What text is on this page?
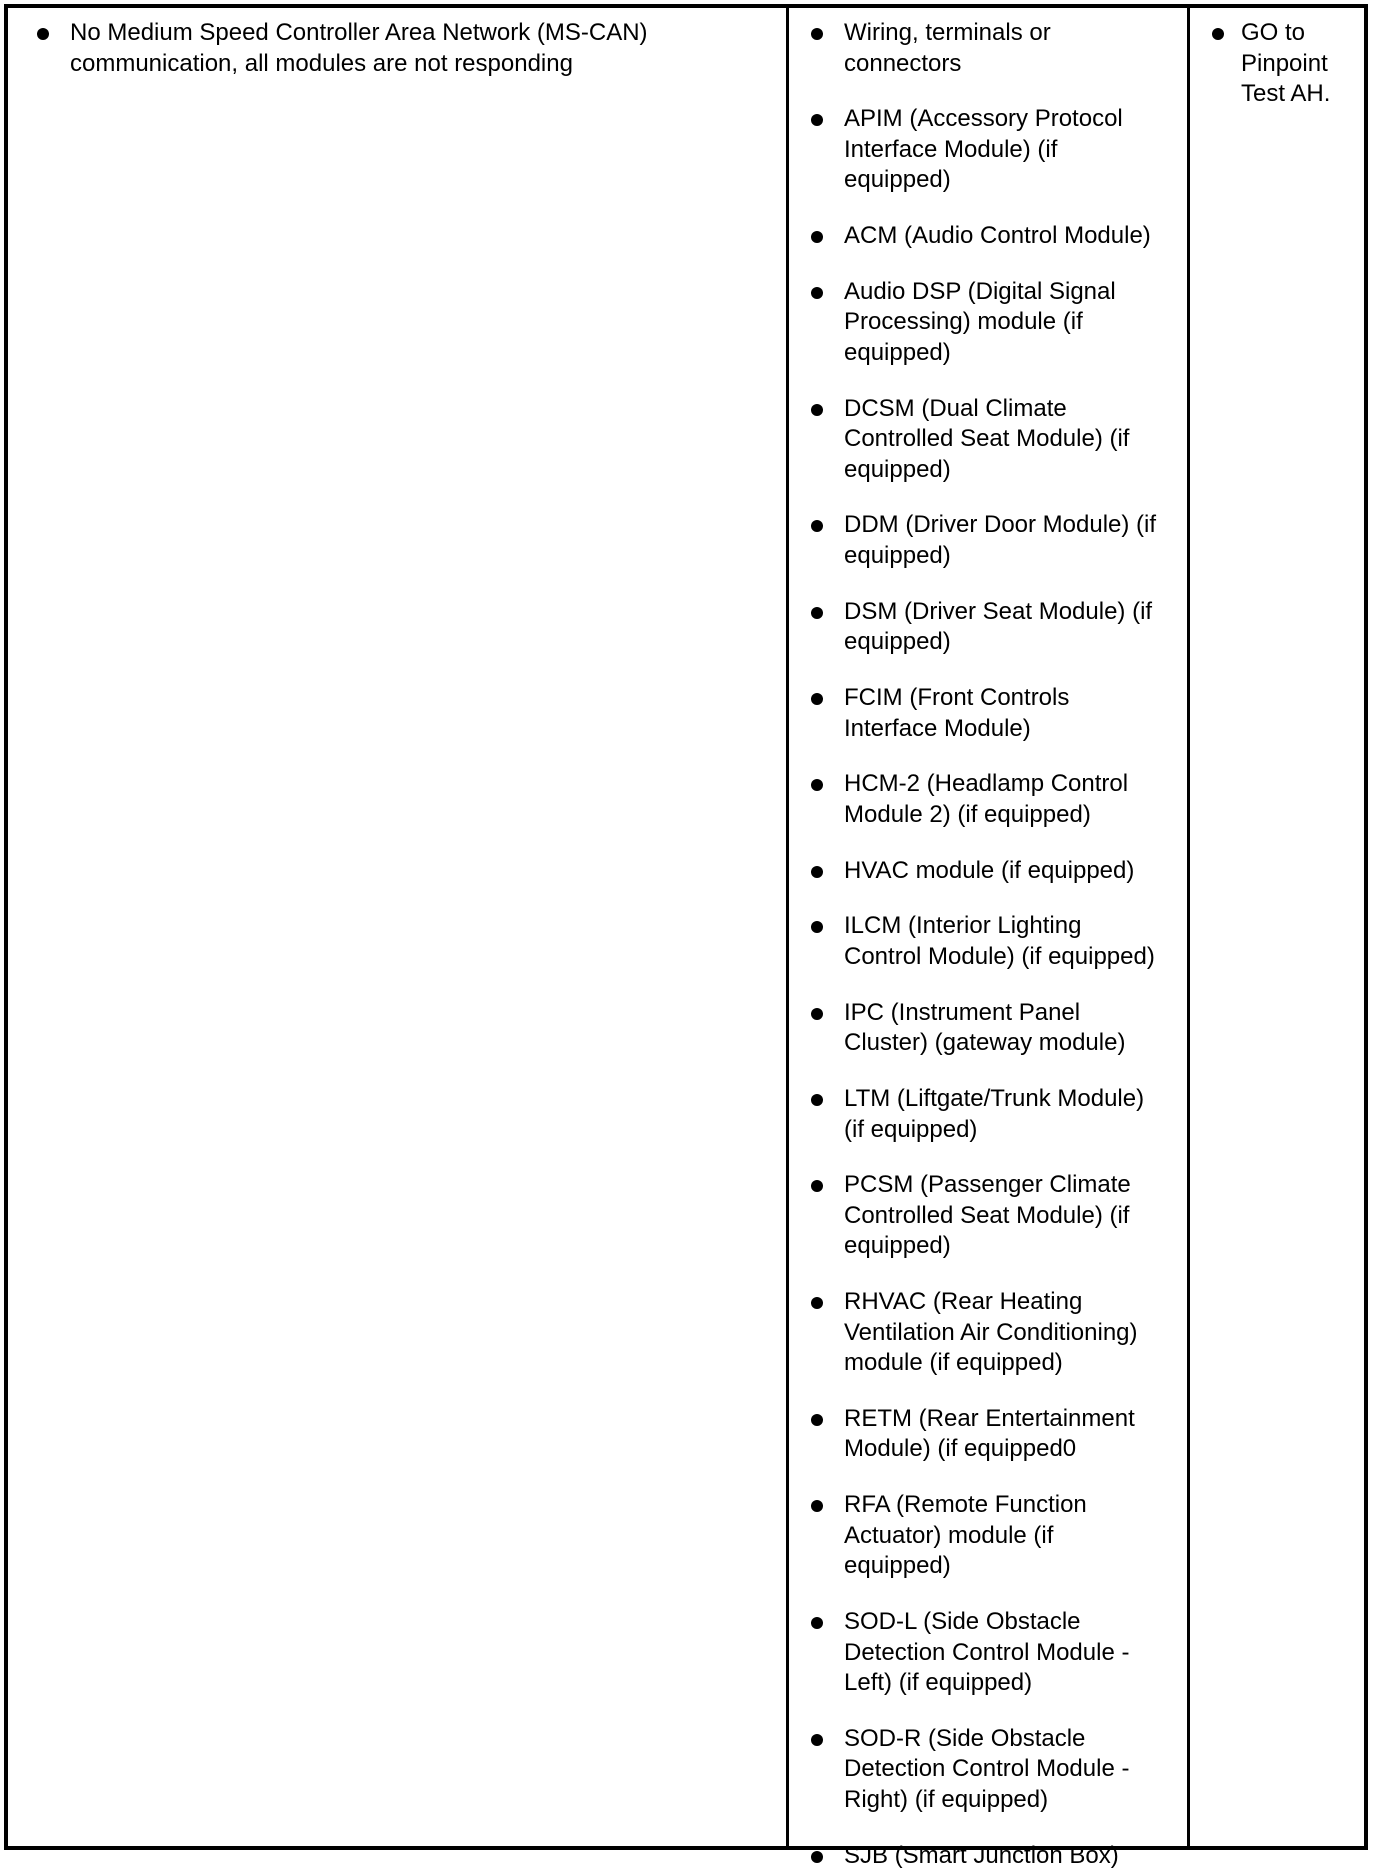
No Medium Speed Controller Area Network (MS-CAN) communication, all modules are not responding
Wiring, terminals or
connectors
APIM (Accessory Protocol
Interface Module) (if
equipped)
ACM (Audio Control Module)
Audio DSP (Digital Signal
Processing) module (if
equipped)
DCSM (Dual Climate
Controlled Seat Module) (if
equipped)
DDM (Driver Door Module) (if
equipped)
DSM (Driver Seat Module) (if
equipped)
FCIM (Front Controls
Interface Module)
HCM-2 (Headlamp Control
Module 2) (if equipped)
HVAC module (if equipped)
ILCM (Interior Lighting
Control Module) (if equipped)
IPC (Instrument Panel
Cluster) (gateway module)
LTM (Liftgate/Trunk Module)
(if equipped)
PCSM (Passenger Climate
Controlled Seat Module) (if
equipped)
RHVAC (Rear Heating
Ventilation Air Conditioning)
module (if equipped)
RETM (Rear Entertainment
Module) (if equipped0
RFA (Remote Function
Actuator) module (if
equipped)
SOD-L (Side Obstacle
Detection Control Module -
Left) (if equipped)
SOD-R (Side Obstacle
Detection Control Module -
Right) (if equipped)
SJB (Smart Junction Box)
GO to
Pinpoint
Test AH.
